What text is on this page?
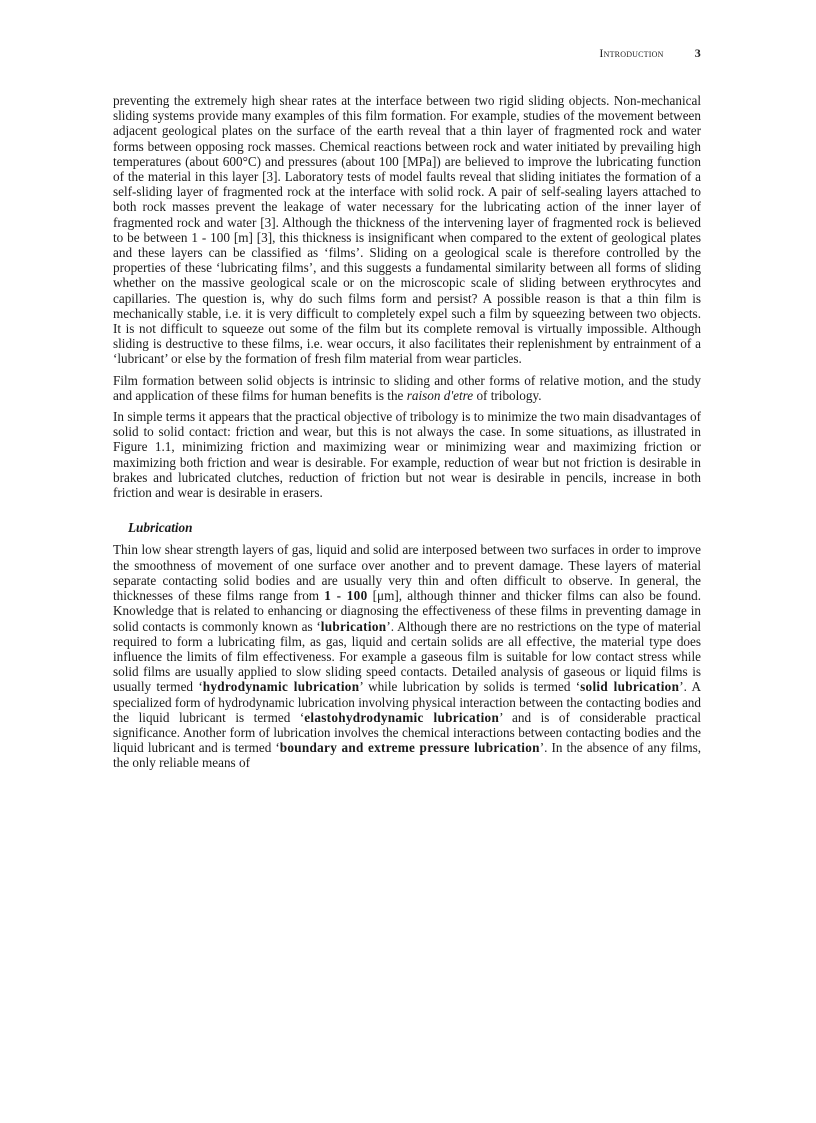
Introduction	3

preventing the extremely high shear rates at the interface between two rigid sliding objects. Non-mechanical sliding systems provide many examples of this film formation. For example, studies of the movement between adjacent geological plates on the surface of the earth reveal that a thin layer of fragmented rock and water forms between opposing rock masses. Chemical reactions between rock and water initiated by prevailing high temperatures (about 600°C) and pressures (about 100 [MPa]) are believed to improve the lubricating function of the material in this layer [3]. Laboratory tests of model faults reveal that sliding initiates the formation of a self-sliding layer of fragmented rock at the interface with solid rock. A pair of self-sealing layers attached to both rock masses prevent the leakage of water necessary for the lubricating action of the inner layer of fragmented rock and water [3]. Although the thickness of the intervening layer of fragmented rock is believed to be between 1 - 100 [m] [3], this thickness is insignificant when compared to the extent of geological plates and these layers can be classified as ‘films’. Sliding on a geological scale is therefore controlled by the properties of these ‘lubricating films’, and this suggests a fundamental similarity between all forms of sliding whether on the massive geological scale or on the microscopic scale of sliding between erythrocytes and capillaries. The question is, why do such films form and persist? A possible reason is that a thin film is mechanically stable, i.e. it is very difficult to completely expel such a film by squeezing between two objects. It is not difficult to squeeze out some of the film but its complete removal is virtually impossible. Although sliding is destructive to these films, i.e. wear occurs, it also facilitates their replenishment by entrainment of a ‘lubricant’ or else by the formation of fresh film material from wear particles.

Film formation between solid objects is intrinsic to sliding and other forms of relative motion, and the study and application of these films for human benefits is the raison d'etre of tribology.

In simple terms it appears that the practical objective of tribology is to minimize the two main disadvantages of solid to solid contact: friction and wear, but this is not always the case. In some situations, as illustrated in Figure 1.1, minimizing friction and maximizing wear or minimizing wear and maximizing friction or maximizing both friction and wear is desirable. For example, reduction of wear but not friction is desirable in brakes and lubricated clutches, reduction of friction but not wear is desirable in pencils, increase in both friction and wear is desirable in erasers.

Lubrication

Thin low shear strength layers of gas, liquid and solid are interposed between two surfaces in order to improve the smoothness of movement of one surface over another and to prevent damage. These layers of material separate contacting solid bodies and are usually very thin and often difficult to observe. In general, the thicknesses of these films range from 1 - 100 [μm], although thinner and thicker films can also be found. Knowledge that is related to enhancing or diagnosing the effectiveness of these films in preventing damage in solid contacts is commonly known as ‘lubrication’. Although there are no restrictions on the type of material required to form a lubricating film, as gas, liquid and certain solids are all effective, the material type does influence the limits of film effectiveness. For example a gaseous film is suitable for low contact stress while solid films are usually applied to slow sliding speed contacts. Detailed analysis of gaseous or liquid films is usually termed ‘hydrodynamic lubrication’ while lubrication by solids is termed ‘solid lubrication’. A specialized form of hydrodynamic lubrication involving physical interaction between the contacting bodies and the liquid lubricant is termed ‘elastohydrodynamic lubrication’ and is of considerable practical significance. Another form of lubrication involves the chemical interactions between contacting bodies and the liquid lubricant and is termed ‘boundary and extreme pressure lubrication’. In the absence of any films, the only reliable means of
